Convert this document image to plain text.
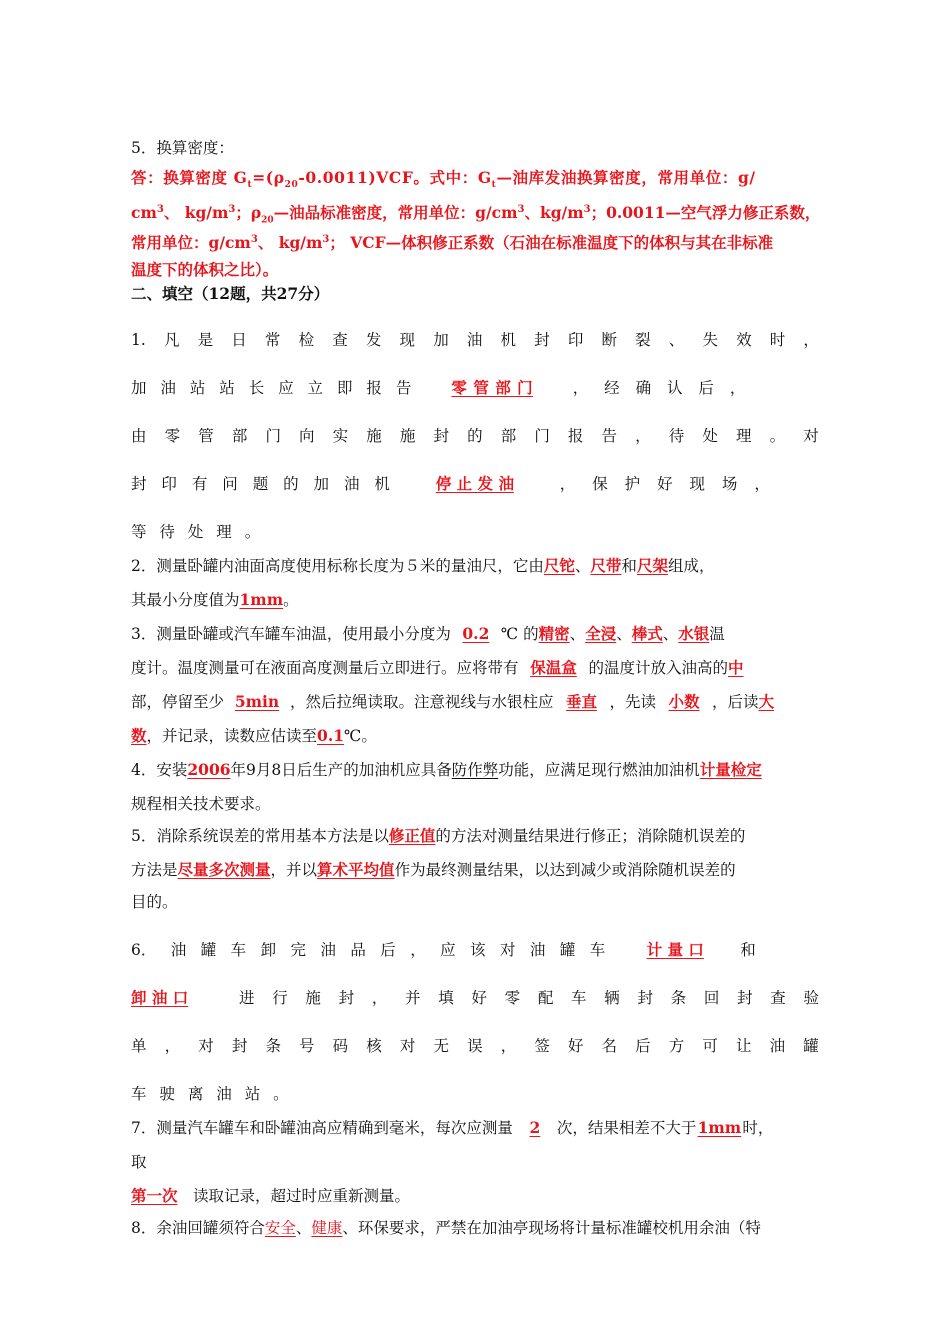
5．换算密度：
答：换算密度 $G_t=(\rho_{20}-0.0011)VCF$。式中：$G_t—$油库发油换算密度，常用单位：g/
$cm^3$、 $kg/m^3$；$\rho_{20}—$油品标准密度，常用单位：$g/cm^3$、$kg/m^3$；0.0011—空气浮力修正系数，
常用单位：$g/cm^3$、 $kg/m^3$； VCF—体积修正系数（石油在标准温度下的体积与其在非标准
温度下的体积之比）。
二、填空（12题，共27分）
1. 凡 是 日 常 检 查 发 现 加 油 机 封 印 断 裂 、 失 效 时 ，
加 油 站 站 长 应 立 即 报 告	零 管 部 门	， 经 确 认 后 ，
由 零 管 部 门 向 实 施 施 封 的 部 门 报 告 ， 待 处 理 。 对
封 印 有 问 题 的 加 油 机	停 止 发 油	， 保 护 好 现 场 ，
等 待 处 理 。
2．测量卧罐内油面高度使用标称长度为５米的量油尺，它由尺铊、尺带和尺架组成，
其最小分度值为1mm。
3．测量卧罐或汽车罐车油温，使用最小分度为 0.2 ℃ 的精密、全浸、棒式、水银温
度计。温度测量可在液面高度测量后立即进行。应将带有 保温盒 的温度计放入油高的中
部，停留至少 5min ，然后拉绳读取。注意视线与水银柱应 垂直 ，先读 小数 ，后读大
数，并记录，读数应估读至0.1℃。
4．安装2006年9月8日后生产的加油机应具备防作弊功能，应满足现行燃油加油机计量检定
规程相关技术要求。
5．消除系统误差的常用基本方法是以修正值的方法对测量结果进行修正；消除随机误差的
方法是尽量多次测量，并以算术平均值作为最终测量结果，以达到减少或消除随机误差的
目的。
6． 油 罐 车 卸 完 油 品 后 ， 应 该 对 油 罐 车	计 量 口 和
卸 油 口	进 行 施 封 ， 并 填 好 零 配 车 辆 封 条 回 封 查 验
单 ， 对 封 条 号 码 核 对 无 误 ， 签 好 名 后 方 可 让 油 罐
车 驶 离 油 站 。
7．测量汽车罐车和卧罐油高应精确到毫米，每次应测量 2 次，结果相差不大于1mm时，
取
第一次 读取记录，超过时应重新测量。
8．余油回罐须符合安全、健康、环保要求，严禁在加油亭现场将计量标准罐校机用余油（特
